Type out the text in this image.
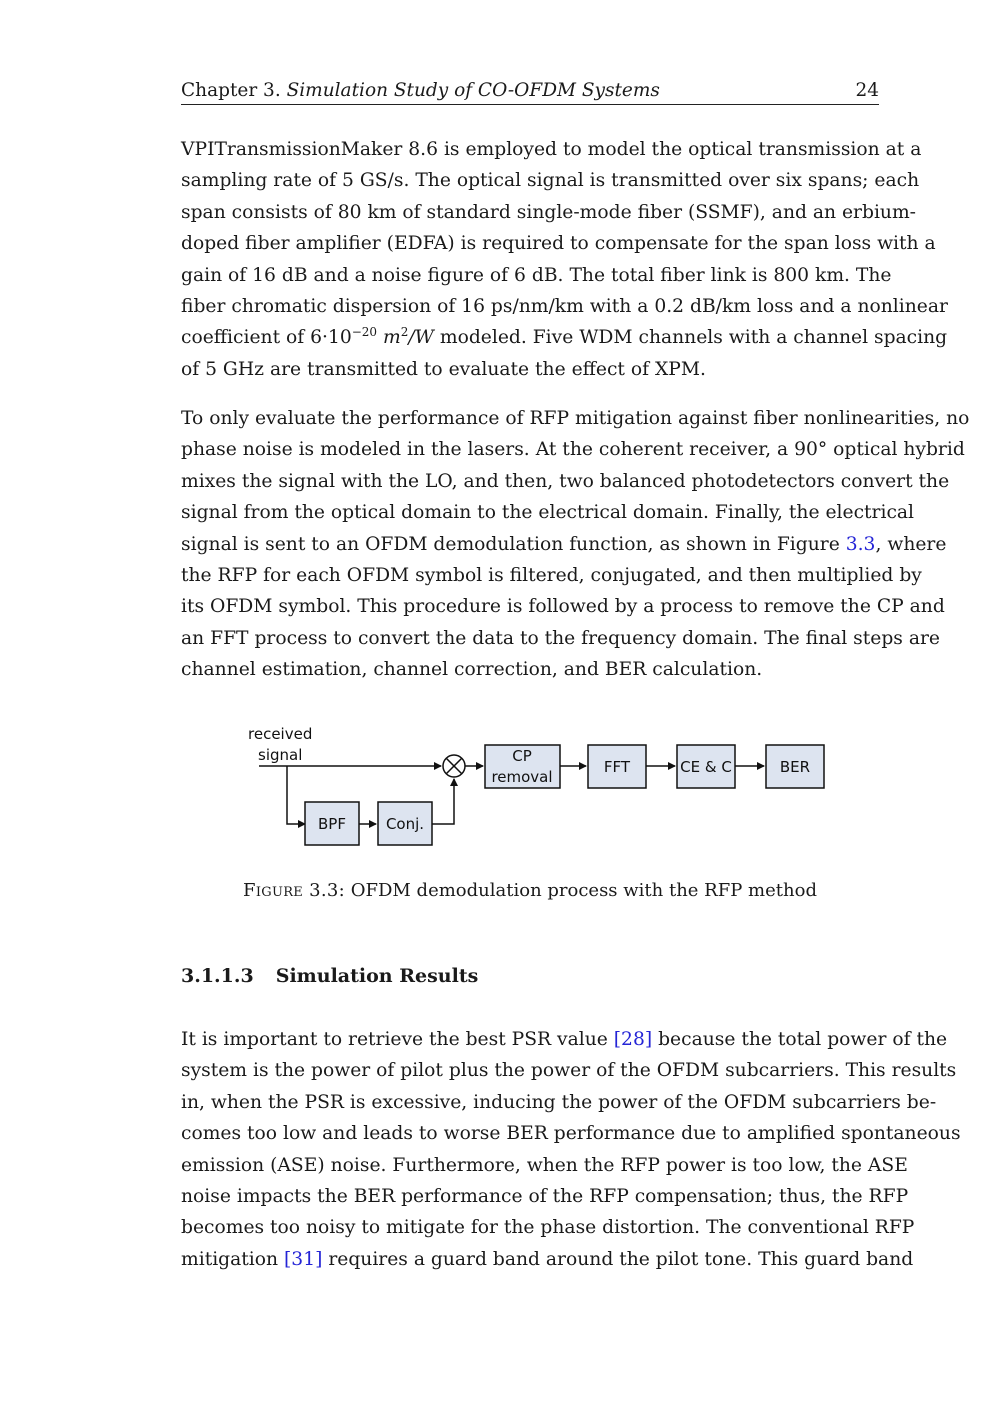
Chapter 3. Simulation Study of CO-OFDM Systems	24
VPITransmissionMaker 8.6 is employed to model the optical transmission at a
sampling rate of 5 GS/s. The optical signal is transmitted over six spans; each
span consists of 80 km of standard single-mode fiber (SSMF), and an erbium-
doped fiber amplifier (EDFA) is required to compensate for the span loss with a
gain of 16 dB and a noise figure of 6 dB. The total fiber link is 800 km. The
fiber chromatic dispersion of 16 ps/nm/km with a 0.2 dB/km loss and a nonlinear
coefficient of $6\cdot 10^{-20}$ $m^2/W$ modeled. Five WDM channels with a channel spacing
of 5 GHz are transmitted to evaluate the effect of XPM.
To only evaluate the performance of RFP mitigation against fiber nonlinearities, no
phase noise is modeled in the lasers. At the coherent receiver, a 90° optical hybrid
mixes the signal with the LO, and then, two balanced photodetectors convert the
signal from the optical domain to the electrical domain. Finally, the electrical
signal is sent to an OFDM demodulation function, as shown in Figure 3.3, where
the RFP for each OFDM symbol is filtered, conjugated, and then multiplied by
its OFDM symbol. This procedure is followed by a process to remove the CP and
an FFT process to convert the data to the frequency domain. The final steps are
channel estimation, channel correction, and BER calculation.
received
signal	CP
removal
FFT	CE & C	BER
BPF	Conj.
Figure 3.3: OFDM demodulation process with the RFP method
3.1.1.3 Simulation Results
It is important to retrieve the best PSR value [28] because the total power of the
system is the power of pilot plus the power of the OFDM subcarriers. This results
in, when the PSR is excessive, inducing the power of the OFDM subcarriers be-
comes too low and leads to worse BER performance due to amplified spontaneous
emission (ASE) noise. Furthermore, when the RFP power is too low, the ASE
noise impacts the BER performance of the RFP compensation; thus, the RFP
becomes too noisy to mitigate for the phase distortion. The conventional RFP
mitigation [31] requires a guard band around the pilot tone. This guard band
